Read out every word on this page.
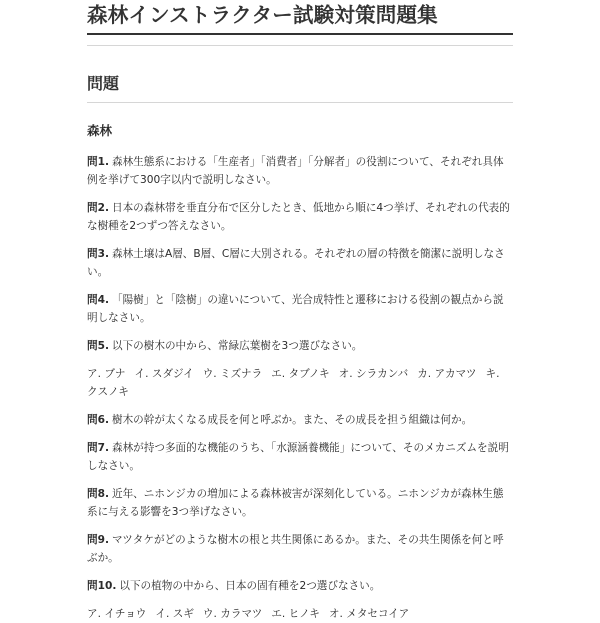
森林インストラクター試験対策問題集
問題
森林

問1. 森林生態系における「生産者」「消費者」「分解者」の役割について、それぞれ具体例を挙げて300字以内で説明しなさい。

問2. 日本の森林帯を垂直分布で区分したとき、低地から順に4つ挙げ、それぞれの代表的な樹種を2つずつ答えなさい。

問3. 森林土壌はA層、B層、C層に大別される。それぞれの層の特徴を簡潔に説明しなさい。

問4. 「陽樹」と「陰樹」の違いについて、光合成特性と遷移における役割の観点から説明しなさい。

問5. 以下の樹木の中から、常緑広葉樹を3つ選びなさい。

ア. ブナ イ. スダジイ ウ. ミズナラ エ. タブノキ オ. シラカンバ カ. アカマツ キ. クスノキ

問6. 樹木の幹が太くなる成長を何と呼ぶか。また、その成長を担う組織は何か。

問7. 森林が持つ多面的な機能のうち、「水源涵養機能」について、そのメカニズムを説明しなさい。

問8. 近年、ニホンジカの増加による森林被害が深刻化している。ニホンジカが森林生態系に与える影響を3つ挙げなさい。

問9. マツタケがどのような樹木の根と共生関係にあるか。また、その共生関係を何と呼ぶか。

問10. 以下の植物の中から、日本の固有種を2つ選びなさい。

ア. イチョウ イ. スギ ウ. カラマツ エ. ヒノキ オ. メタセコイア
